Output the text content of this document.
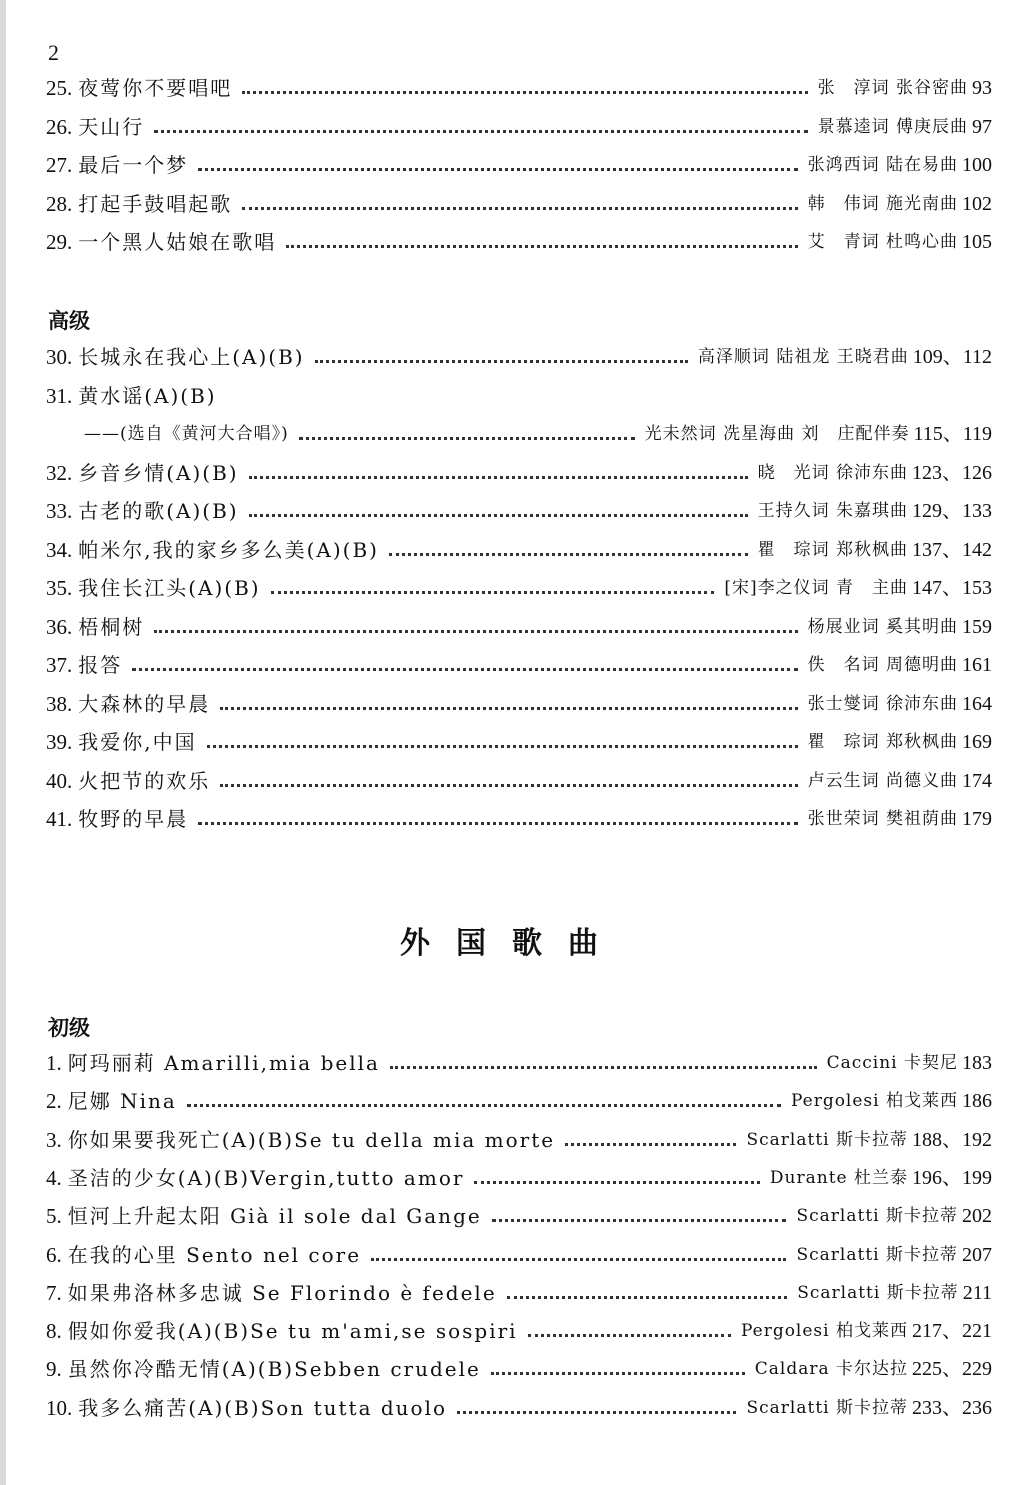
2
25. 夜莺你不要唱吧	张　淳词 张谷密曲 93
26. 天山行	景慕逵词 傅庚辰曲 97
27. 最后一个梦	张鸿西词 陆在易曲 100
28. 打起手鼓唱起歌	韩　伟词 施光南曲 102
29. 一个黑人姑娘在歌唱	艾　青词 杜鸣心曲 105
高级
30. 长城永在我心上(A)(B)	高泽顺词 陆祖龙 王晓君曲 109、112
31. 黄水谣(A)(B)
——(选自《黄河大合唱》)	光未然词 冼星海曲 刘　庄配伴奏 115、119
32. 乡音乡情(A)(B)	晓　光词 徐沛东曲 123、126
33. 古老的歌(A)(B)	王持久词 朱嘉琪曲 129、133
34. 帕米尔,我的家乡多么美(A)(B)	瞿　琮词 郑秋枫曲 137、142
35. 我住长江头(A)(B)	[宋]李之仪词 青　主曲 147、153
36. 梧桐树	杨展业词 奚其明曲 159
37. 报答	佚　名词 周德明曲 161
38. 大森林的早晨	张士燮词 徐沛东曲 164
39. 我爱你,中国	瞿　琮词 郑秋枫曲 169
40. 火把节的欢乐	卢云生词 尚德义曲 174
41. 牧野的早晨	张世荣词 樊祖荫曲 179
外国歌曲
初级
1. 阿玛丽莉 Amarilli,mia bella	Caccini 卡契尼 183
2. 尼娜 Nina	Pergolesi 柏戈莱西 186
3. 你如果要我死亡(A)(B)Se tu della mia morte	Scarlatti 斯卡拉蒂 188、192
4. 圣洁的少女(A)(B)Vergin,tutto amor	Durante 杜兰泰 196、199
5. 恒河上升起太阳 Già il sole dal Gange	Scarlatti 斯卡拉蒂 202
6. 在我的心里 Sento nel core	Scarlatti 斯卡拉蒂 207
7. 如果弗洛林多忠诚 Se Florindo è fedele	Scarlatti 斯卡拉蒂 211
8. 假如你爱我(A)(B)Se tu m'ami,se sospiri	Pergolesi 柏戈莱西 217、221
9. 虽然你冷酷无情(A)(B)Sebben crudele	Caldara 卡尔达拉 225、229
10. 我多么痛苦(A)(B)Son tutta duolo	Scarlatti 斯卡拉蒂 233、236
